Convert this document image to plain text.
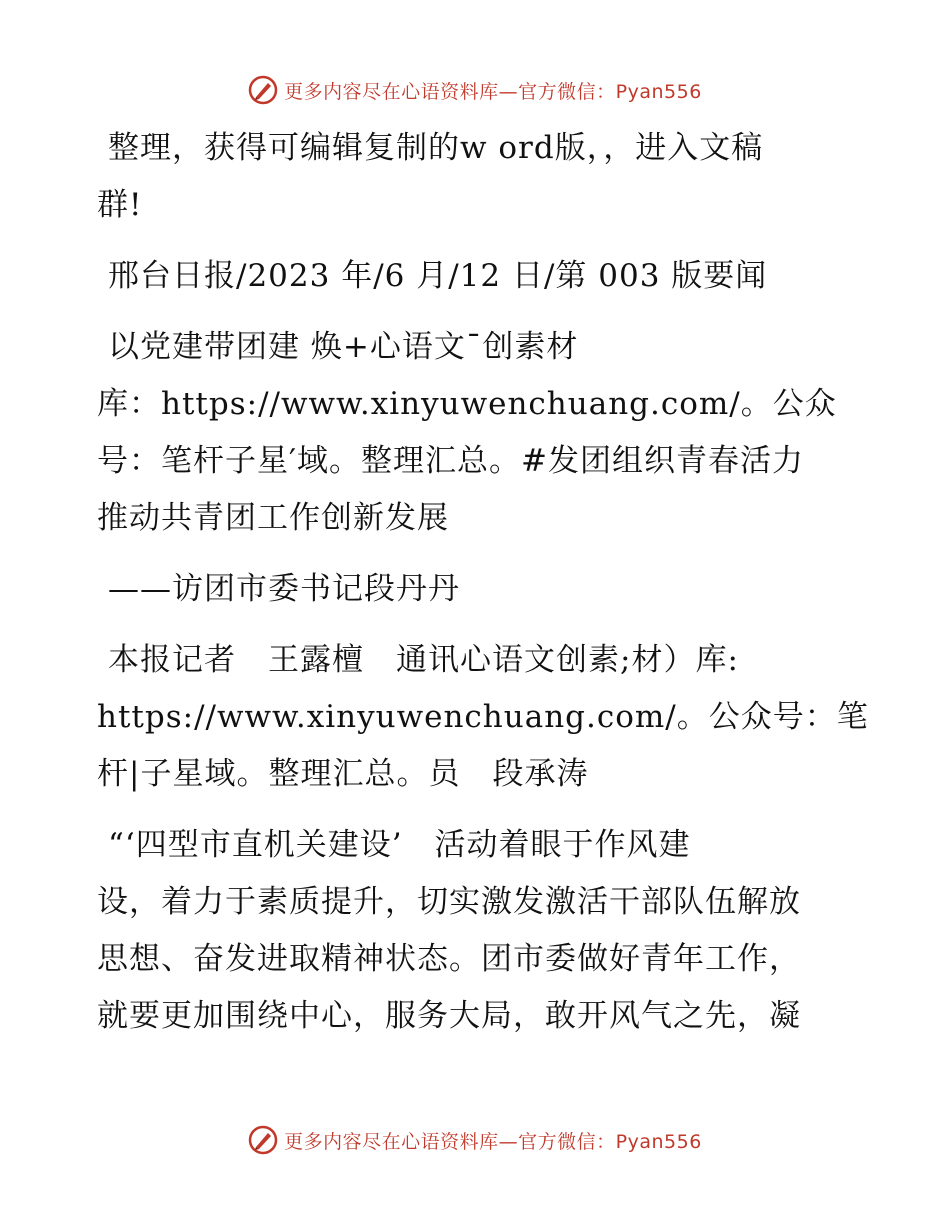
更多内容尽在心语资料库—官方微信：Pyan556
整理，获得可编辑复制的w ord版，，进入文稿
群!
邢台日报/2023 年/6 月/12 日/第 003 版要闻
以党建带团建 焕+心语文¯创素材
库：https://www.xinyuwenchuang.com/。公众
号：笔杆子星′域。整理汇总。#发团组织青春活力
推动共青团工作创新发展
——访团市委书记段丹丹
本报记者　王露檀　通讯心语文创素;材）库:
https://www.xinyuwenchuang.com/。公众号：笔
杆|子星域。整理汇总。员　段承涛
“‘四型市直机关建设’　活动着眼于作风建
设，着力于素质提升，切实激发激活干部队伍解放
思想、奋发进取精神状态。团市委做好青年工作，
就要更加围绕中心，服务大局，敢开风气之先，凝
更多内容尽在心语资料库—官方微信：Pyan556
